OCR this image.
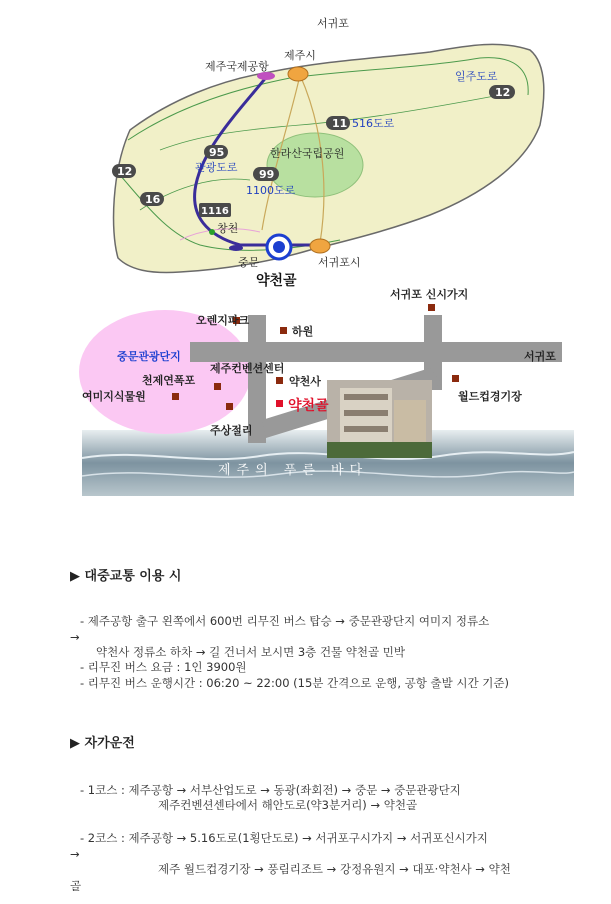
서귀포
제주국제공항
제주시
일주도로
12
11 516도로
한라산국립공원
95
관광도로
99
1100도로
12
16
1116
창천
중문	서귀포시
약천골
서귀포 신시가지
오렌지파크
하원
중문관광단지
제주컨벤션센터
서귀포
천제연폭포	약천사
여미지식물원
약천골
월드컵경기장
주상절리
제주의 푸른 바다
▶ 대중교통 이용 시
- 제주공항 출구 왼쪽에서 600번 리무진 버스 탑승 → 중문관광단지 여미지 정류소
→
약천사 정류소 하차 → 길 건너서 보시면 3층 건물 약천골 민박
- 리무진 버스 요금 : 1인 3900원
- 리무진 버스 운행시간 : 06:20 ~ 22:00 (15분 간격으로 운행, 공항 출발 시간 기준)
▶ 자가운전
- 1코스 : 제주공항 → 서부산업도로 → 동광(좌회전) → 중문 → 중문관광단지
제주컨벤션센타에서 해안도로(약3분거리) → 약천골
- 2코스 : 제주공항 → 5.16도로(1횡단도로) → 서귀포구시가지 → 서귀포신시가지
→
제주 월드컵경기장 → 풍림리조트 → 강정유원지 → 대포·약천사 → 약천
골
